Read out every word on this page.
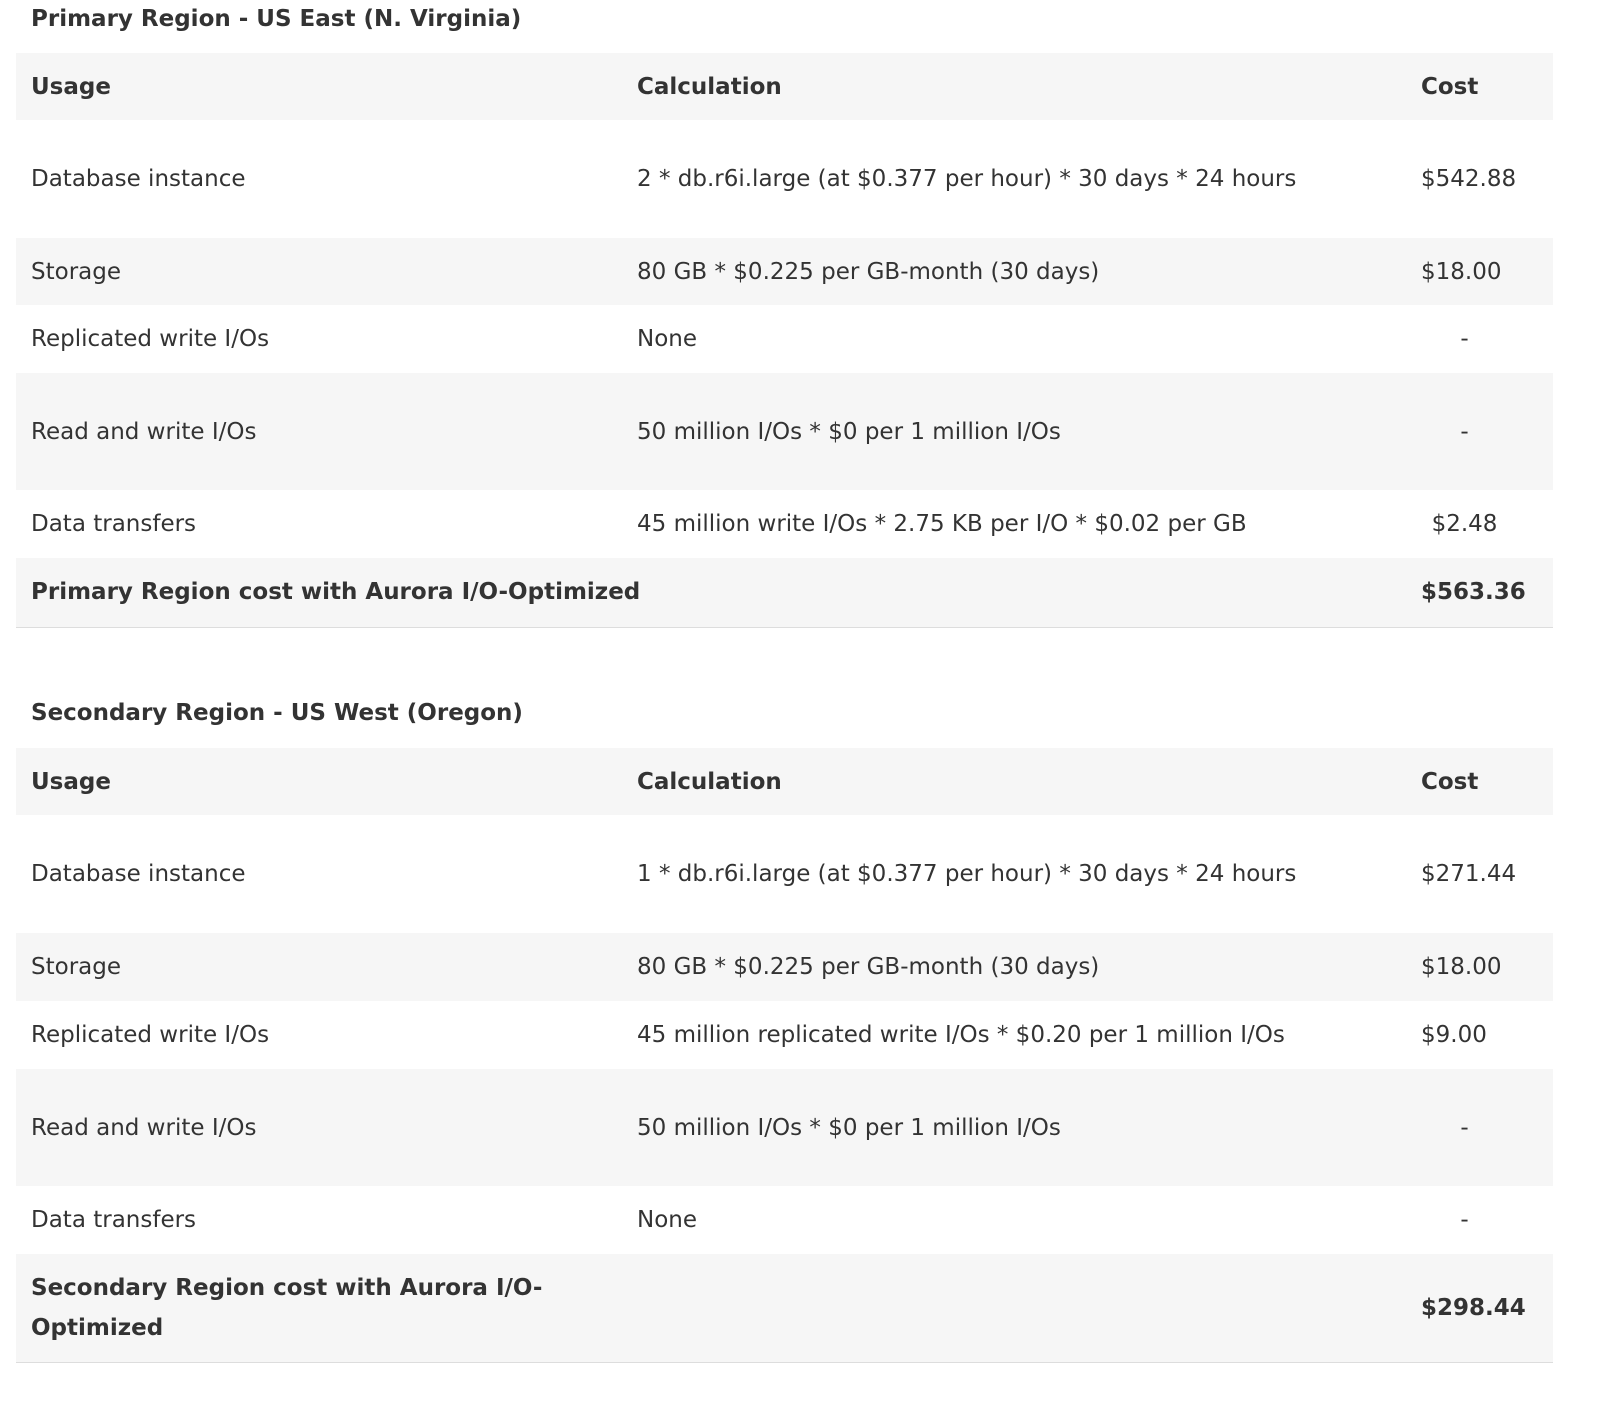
Primary Region - US East (N. Virginia)
Usage	Calculation	Cost
Database instance	2 * db.r6i.large (at $0.377 per hour) * 30 days * 24 hours	$542.88
Storage	80 GB * $0.225 per GB-month (30 days)	$18.00
Replicated write I/Os	None	-
Read and write I/Os	50 million I/Os * $0 per 1 million I/Os	-
Data transfers	45 million write I/Os * 2.75 KB per I/O * $0.02 per GB	$2.48
Primary Region cost with Aurora I/O-Optimized		$563.36
Secondary Region - US West (Oregon)
Usage	Calculation	Cost
Database instance	1 * db.r6i.large (at $0.377 per hour) * 30 days * 24 hours	$271.44
Storage	80 GB * $0.225 per GB-month (30 days)	$18.00
Replicated write I/Os	45 million replicated write I/Os * $0.20 per 1 million I/Os	$9.00
Read and write I/Os	50 million I/Os * $0 per 1 million I/Os	-
Data transfers	None	-
Secondary Region cost with Aurora I/O-Optimized		$298.44
